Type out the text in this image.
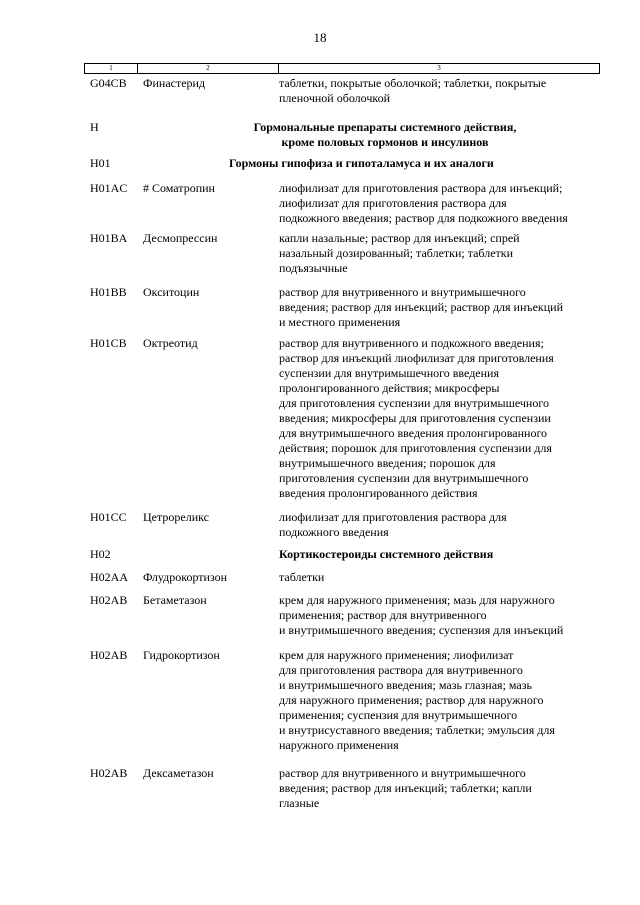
18
1	2	3
G04CB	Финастерид	таблетки, покрытые оболочкой; таблетки, покрытые
пленочной оболочкой
H	Гормональные препараты системного действия,
кроме половых гормонов и инсулинов
H01	Гормоны гипофиза и гипоталамуса и их аналоги
H01AC	# Соматропин	лиофилизат для приготовления раствора для инъекций;
лиофилизат для приготовления раствора для
подкожного введения; раствор для подкожного введения
H01BA	Десмопрессин	капли назальные; раствор для инъекций; спрей
назальный дозированный; таблетки; таблетки
подъязычные
H01BB	Окситоцин	раствор для внутривенного и внутримышечного
введения; раствор для инъекций; раствор для инъекций
и местного применения
H01CB	Октреотид	раствор для внутривенного и подкожного введения;
раствор для инъекций лиофилизат для приготовления
суспензии для внутримышечного введения
пролонгированного действия; микросферы
для приготовления суспензии для внутримышечного
введения; микросферы для приготовления суспензии
для внутримышечного введения пролонгированного
действия; порошок для приготовления суспензии для
внутримышечного введения; порошок для
приготовления суспензии для внутримышечного
введения пролонгированного действия
H01CC	Цетрореликс	лиофилизат для приготовления раствора для
подкожного введения
H02	Кортикостероиды системного действия
H02AA	Флудрокортизон	таблетки
H02AB	Бетаметазон	крем для наружного применения; мазь для наружного
применения; раствор для внутривенного
и внутримышечного введения; суспензия для инъекций
H02AB	Гидрокортизон	крем для наружного применения; лиофилизат
для приготовления раствора для внутривенного
и внутримышечного введения; мазь глазная; мазь
для наружного применения; раствор для наружного
применения; суспензия для внутримышечного
и внутрисуставного введения; таблетки; эмульсия для
наружного применения
H02AB	Дексаметазон	раствор для внутривенного и внутримышечного
введения; раствор для инъекций; таблетки; капли
глазные
